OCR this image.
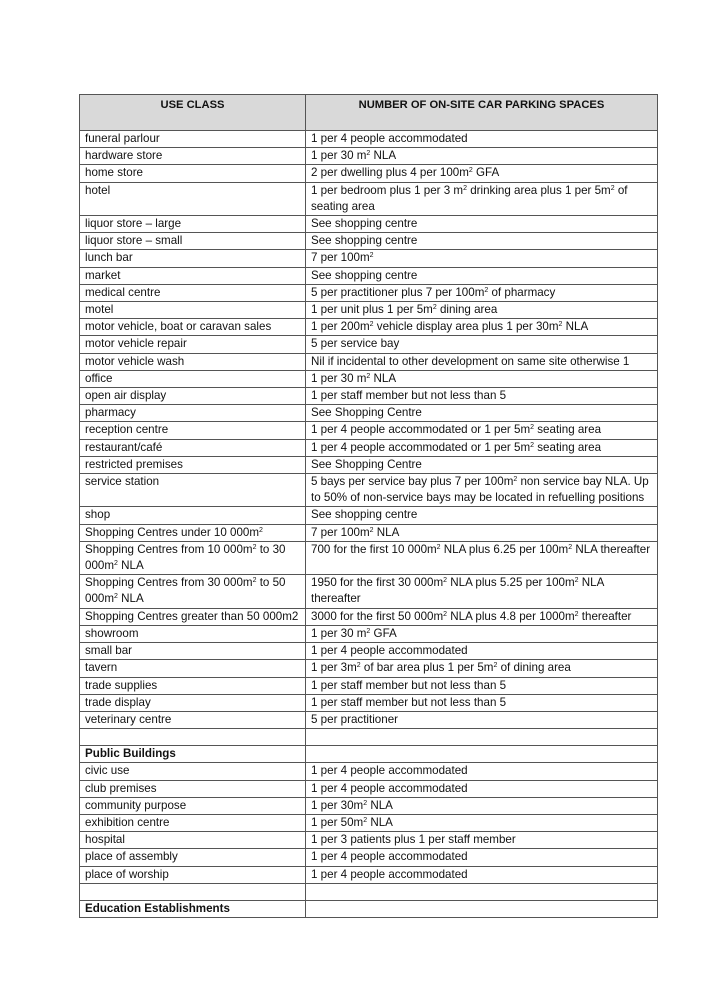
USE CLASS	NUMBER OF ON-SITE CAR PARKING SPACES
funeral parlour	1 per 4 people accommodated
hardware store	1 per 30 $m^2$ NLA
home store	2 per dwelling plus 4 per $100m^2$ GFA
hotel	1 per bedroom plus 1 per 3 $m^2$ drinking area plus 1 per $5m^2$ of seating area
liquor store – large	See shopping centre
liquor store – small	See shopping centre
lunch bar	7 per $100m^2$
market	See shopping centre
medical centre	5 per practitioner plus 7 per $100m^2$ of pharmacy
motel	1 per unit plus 1 per $5m^2$ dining area
motor vehicle, boat or caravan sales	1 per $200m^2$ vehicle display area plus 1 per $30m^2$ NLA
motor vehicle repair	5 per service bay
motor vehicle wash	Nil if incidental to other development on same site otherwise 1
office	1 per 30 $m^2$ NLA
open air display	1 per staff member but not less than 5
pharmacy	See Shopping Centre
reception centre	1 per 4 people accommodated or 1 per $5m^2$ seating area
restaurant/café	1 per 4 people accommodated or 1 per $5m^2$ seating area
restricted premises	See Shopping Centre
service station	5 bays per service bay plus 7 per $100m^2$ non service bay NLA. Up to 50% of non-service bays may be located in refuelling positions
shop	See shopping centre
Shopping Centres under 10 $000m^2$	7 per $100m^2$ NLA
Shopping Centres from 10 $000m^2$ to 30 $000m^2$ NLA	700 for the first 10 $000m^2$ NLA plus 6.25 per $100m^2$ NLA thereafter
Shopping Centres from 30 $000m^2$ to 50 $000m^2$ NLA	1950 for the first 30 $000m^2$ NLA plus 5.25 per $100m^2$ NLA thereafter
Shopping Centres greater than 50 000m2	3000 for the first 50 $000m^2$ NLA plus 4.8 per $1000m^2$ thereafter
showroom	1 per 30 $m^2$ GFA
small bar	1 per 4 people accommodated
tavern	1 per $3m^2$ of bar area plus 1 per $5m^2$ of dining area
trade supplies	1 per staff member but not less than 5
trade display	1 per staff member but not less than 5
veterinary centre	5 per practitioner

Public Buildings	
civic use	1 per 4 people accommodated
club premises	1 per 4 people accommodated
community purpose	1 per $30m^2$ NLA
exhibition centre	1 per $50m^2$ NLA
hospital	1 per 3 patients plus 1 per staff member
place of assembly	1 per 4 people accommodated
place of worship	1 per 4 people accommodated

Education Establishments	
